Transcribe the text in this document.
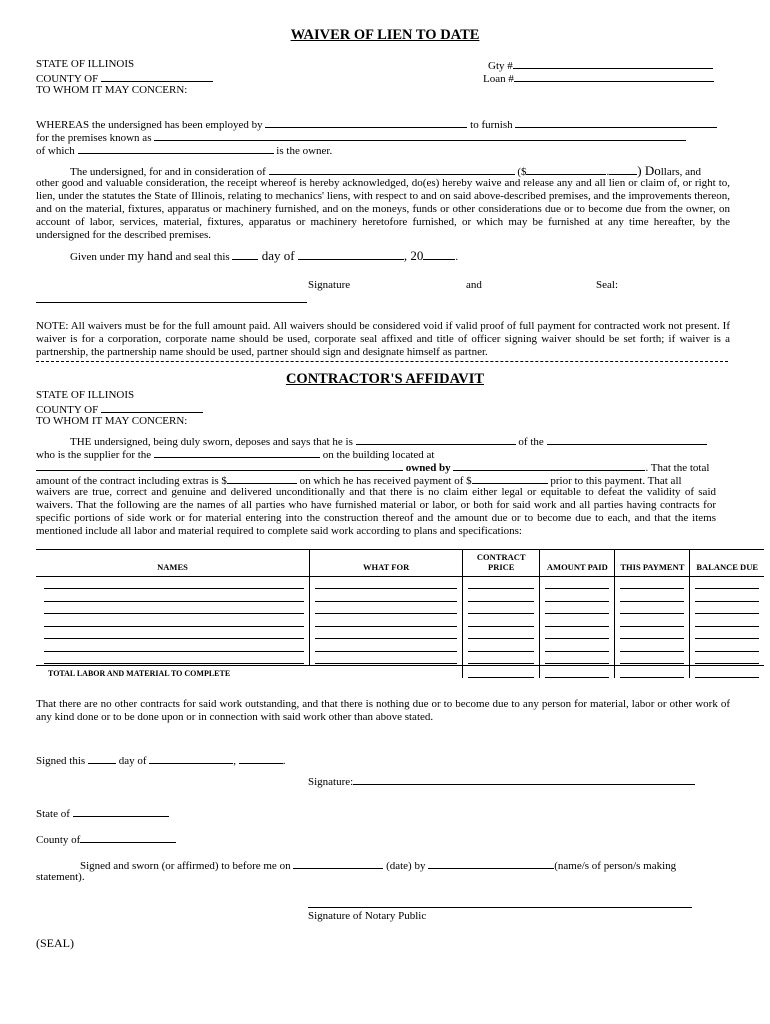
WAIVER OF LIEN TO DATE
STATE OF ILLINOIS
COUNTY OF
TO WHOM IT MAY CONCERN:
Gty #
Loan #
WHEREAS the undersigned has been employed by	to furnish
for the premises known as
of which	is the owner.
The undersigned, for and in consideration of	($	. ) Dollars, and
other good and valuable consideration, the receipt whereof is hereby acknowledged, do(es) hereby waive and release any and all lien or claim of, or right to, lien, under the statutes the State of Illinois, relating to mechanics' liens, with respect to and on said above-described premises, and the improvements thereon, and on the material, fixtures, apparatus or machinery furnished, and on the moneys, funds or other considerations due or to become due from the owner, on account of labor, services, material, fixtures, apparatus or machinery heretofore furnished, or which may be furnished at any time hereafter, by the undersigned for the described premises.
Given under my hand and seal this  day of	, 20	.
Signature	and	Seal:
NOTE: All waivers must be for the full amount paid. All waivers should be considered void if valid proof of full payment for contracted work not present. If waiver is for a corporation, corporate name should be used, corporate seal affixed and title of officer signing waiver should be set forth; if waiver is a partnership, the partnership name should be used, partner should sign and designate himself as partner.
CONTRACTOR'S AFFIDAVIT
STATE OF ILLINOIS
COUNTY OF
TO WHOM IT MAY CONCERN:
THE undersigned, being duly sworn, deposes and says that he is	of the
who is the supplier for the	on the building located at
owned by	. That the total
amount of the contract including extras is $	on which he has received payment of $	prior to this payment. That all
waivers are true, correct and genuine and delivered unconditionally and that there is no claim either legal or equitable to defeat the validity of said waivers. That the following are the names of all parties who have furnished material or labor, or both for said work and all parties having contracts for specific portions of side work or for material entering into the construction thereof and the amount due or to become due to each, and that the items mentioned include all labor and material required to complete said work according to plans and specifications:
NAMES	WHAT FOR	CONTRACT PRICE	AMOUNT PAID	THIS PAYMENT	BALANCE DUE

TOTAL LABOR AND MATERIAL TO COMPLETE		

That there are no other contracts for said work outstanding, and that there is nothing due or to become due to any person for material, labor or other work of any kind done or to be done upon or in connection with said work other than above stated.
Signed this	day of	,	.
Signature:
State of
County of
Signed and sworn (or affirmed) to before me on	(date) by	(name/s of person/s making
statement).
Signature of Notary Public
(SEAL)
